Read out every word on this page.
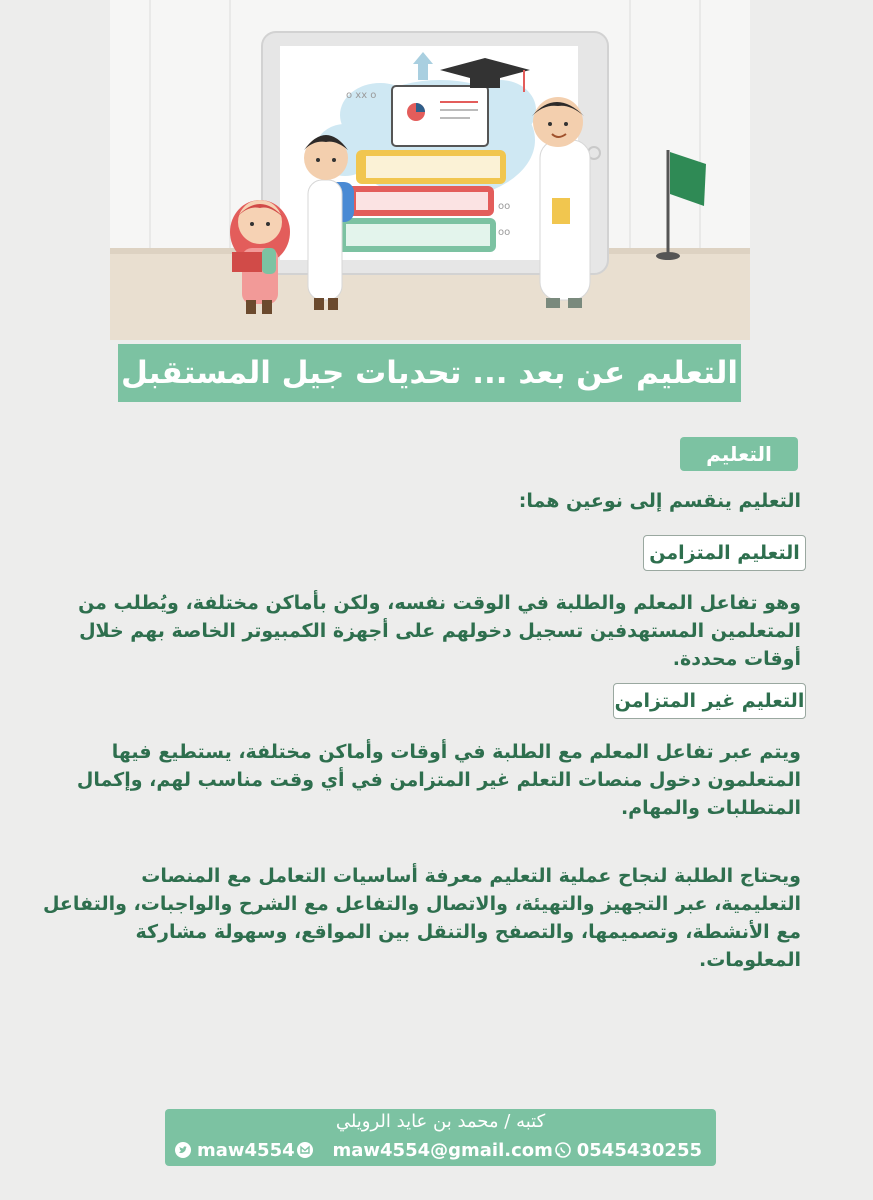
o xx o
oo
oo
التعليم عن بعد ... تحديات جيل المستقبل
التعليم
التعليم ينقسم إلى نوعين هما:
التعليم المتزامن
وهو تفاعل المعلم والطلبة في الوقت نفسه، ولكن بأماكن مختلفة، ويُطلب من
المتعلمين المستهدفين تسجيل دخولهم على أجهزة الكمبيوتر الخاصة بهم خلال
أوقات محددة.
التعليم غير المتزامن
ويتم عبر تفاعل المعلم مع الطلبة في أوقات وأماكن مختلفة، يستطيع فيها
المتعلمون دخول منصات التعلم غير المتزامن في أي وقت مناسب لهم، وإكمال
المتطلبات والمهام.
ويحتاج الطلبة لنجاح عملية التعليم معرفة أساسيات التعامل مع المنصات
التعليمية، عبر التجهيز والتهيئة، والاتصال والتفاعل مع الشرح والواجبات، والتفاعل
مع الأنشطة، وتصميمها، والتصفح والتنقل بين المواقع، وسهولة مشاركة
المعلومات.
كتبه / محمد بن عايد الرويلي
maw4554 maw4554@gmail.com 0545430255
